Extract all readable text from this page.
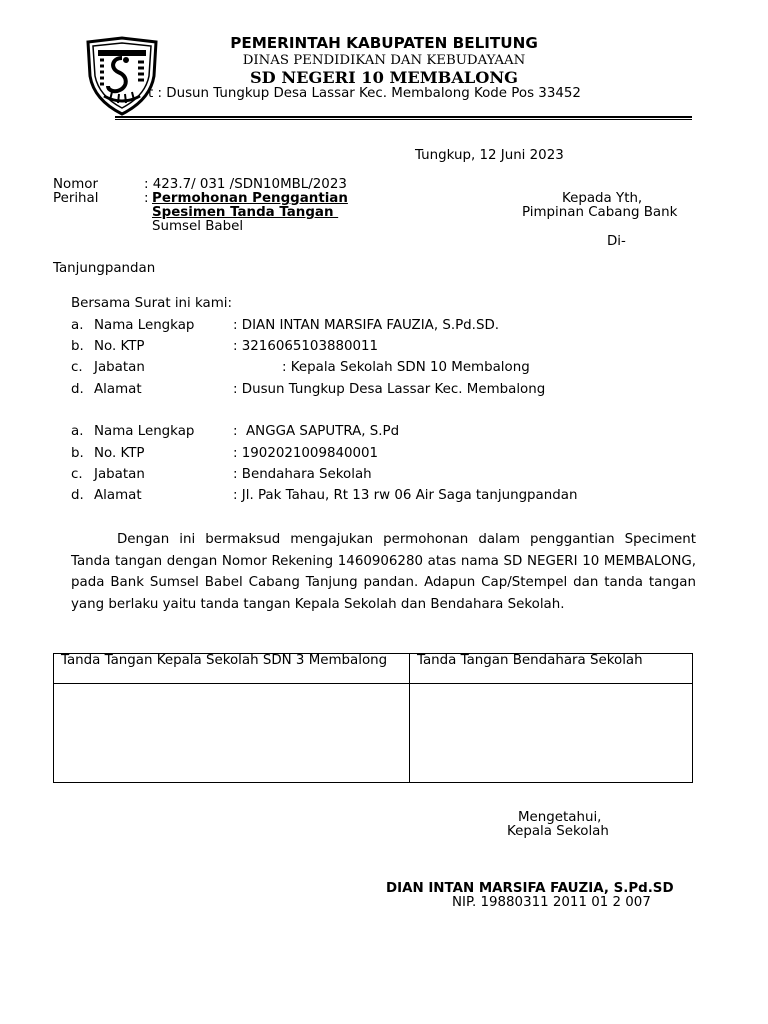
PEMERINTAH KABUPATEN BELITUNG
DINAS PENDIDIKAN DAN KEBUDAYAAN
SD NEGERI 10 MEMBALONG
t : Dusun Tungkup Desa Lassar Kec. Membalong Kode Pos 33452
Tungkup, 12 Juni 2023
Nomor	: 423.7/ 031 /SDN10MBL/2023
Perihal	: Permohonan Penggantian
Spesimen Tanda Tangan
Sumsel Babel
Kepada Yth,
Pimpinan Cabang Bank
Di-
Tanjungpandan
Bersama Surat ini kami:
a. Nama Lengkap	: DIAN INTAN MARSIFA FAUZIA, S.Pd.SD.
b. No. KTP	: 3216065103880011
c. Jabatan	: Kepala Sekolah SDN 10 Membalong
d. Alamat	: Dusun Tungkup Desa Lassar Kec. Membalong
a. Nama Lengkap	:  ANGGA SAPUTRA, S.Pd
b. No. KTP	: 1902021009840001
c. Jabatan	: Bendahara Sekolah
d. Alamat	: Jl. Pak Tahau, Rt 13 rw 06 Air Saga tanjungpandan
Dengan ini bermaksud mengajukan permohonan dalam penggantian Speciment Tanda tangan dengan Nomor Rekening 1460906280 atas nama SD NEGERI 10 MEMBALONG, pada Bank Sumsel Babel Cabang Tanjung pandan. Adapun Cap/Stempel dan tanda tangan yang berlaku yaitu tanda tangan Kepala Sekolah dan Bendahara Sekolah.
Tanda Tangan Kepala Sekolah SDN 3 Membalong	Tanda Tangan Bendahara Sekolah

Mengetahui,
Kepala Sekolah
DIAN INTAN MARSIFA FAUZIA, S.Pd.SD
NIP. 19880311 2011 01 2 007
